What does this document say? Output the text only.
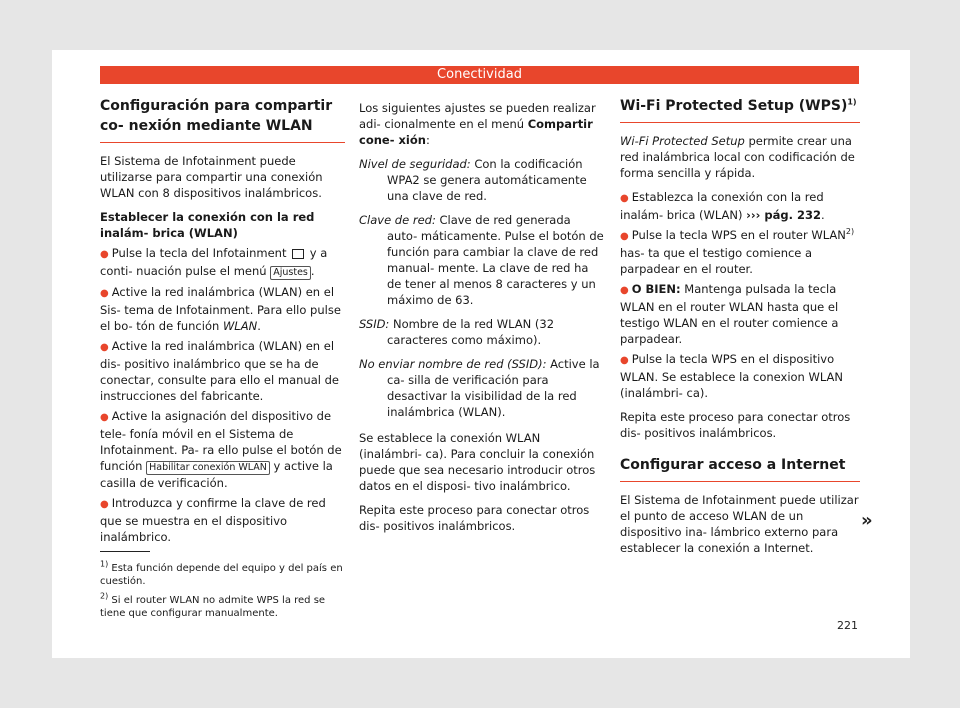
Conectividad
Configuración para compartir co- nexión mediante WLAN

El Sistema de Infotainment puede utilizarse para compartir una conexión WLAN con 8 dispositivos inalámbricos.

Establecer la conexión con la red inalám- brica (WLAN)

● Pulse la tecla del Infotainment y a conti- nuación pulse el menú Ajustes .

● Active la red inalámbrica (WLAN) en el Sis- tema de Infotainment. Para ello pulse el bo- tón de función WLAN.

● Active la red inalámbrica (WLAN) en el dis- positivo inalámbrico que se ha de conectar, consulte para ello el manual de instrucciones del fabricante.

● Active la asignación del dispositivo de tele- fonía móvil en el Sistema de Infotainment. Pa- ra ello pulse el botón de función Habilitar conexión WLAN y active la casilla de verificación.

● Introduzca y confirme la clave de red que se muestra en el dispositivo inalámbrico.

Los siguientes ajustes se pueden realizar adi- cionalmente en el menú Compartir cone- xión:

Nivel de seguridad: Con la codificación WPA2 se genera automáticamente una clave de red.

Clave de red: Clave de red generada auto- máticamente. Pulse el botón de función para cambiar la clave de red manual- mente. La clave de red ha de tener al menos 8 caracteres y un máximo de 63.

SSID: Nombre de la red WLAN (32 caracteres como máximo).

No enviar nombre de red (SSID): Active la ca- silla de verificación para desactivar la visibilidad de la red inalámbrica (WLAN).

Se establece la conexión WLAN (inalámbri- ca). Para concluir la conexión puede que sea necesario introducir otros datos en el disposi- tivo inalámbrico.

Repita este proceso para conectar otros dis- positivos inalámbricos.

Wi-Fi Protected Setup (WPS)$^{1)}$

Wi-Fi Protected Setup permite crear una red inalámbrica local con codificación de forma sencilla y rápida.

● Establezca la conexión con la red inalám- brica (WLAN) ››› pág. 232.

● Pulse la tecla WPS en el router WLAN$^{2)}$ has- ta que el testigo comience a parpadear en el router.

● O BIEN: Mantenga pulsada la tecla WLAN en el router WLAN hasta que el testigo WLAN en el router comience a parpadear.

● Pulse la tecla WPS en el dispositivo WLAN. Se establece la conexion WLAN (inalámbri- ca).

Repita este proceso para conectar otros dis- positivos inalámbricos.

Configurar acceso a Internet

El Sistema de Infotainment puede utilizar el punto de acceso WLAN de un dispositivo ina- lámbrico externo para establecer la conexión a Internet.

$^{1)}$ Esta función depende del equipo y del país en cuestión.
$^{2)}$ Si el router WLAN no admite WPS la red se tiene que configurar manualmente.
»
221
